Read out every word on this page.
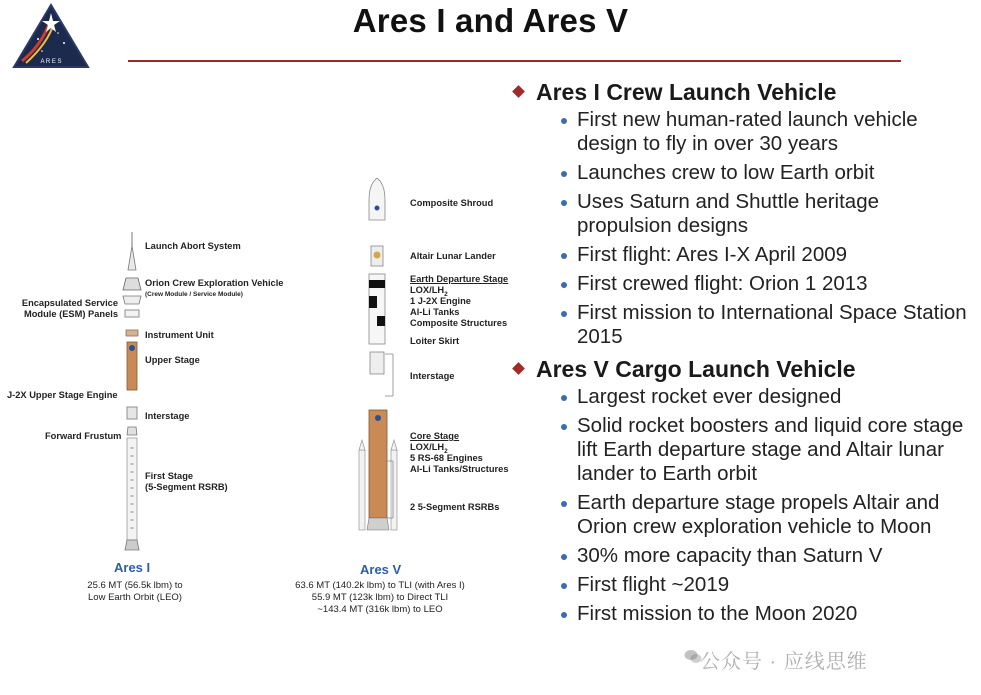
A R E S
Ares I and Ares V
Launch Abort System
Orion Crew Exploration Vehicle
(Crew Module / Service Module)
Encapsulated Service
Module (ESM) Panels
Instrument Unit
Upper Stage
J-2X Upper Stage Engine
Interstage
Forward Frustum
First Stage
(5-Segment RSRB)
Ares I
25.6 MT (56.5k lbm) to
Low Earth Orbit (LEO)
Composite Shroud
Altair Lunar Lander
Earth Departure Stage
LOX/$LH_2$
1 J-2X Engine
Al-Li Tanks
Composite Structures
Loiter Skirt
Interstage
Core Stage
LOX/$LH_2$
5 RS-68 Engines
Al-Li Tanks/Structures
2 5-Segment RSRBs
Ares V
63.6 MT (140.2k lbm) to TLI (with Ares I)
55.9 MT (123k lbm) to Direct TLI
~143.4 MT (316k lbm) to LEO
Ares I Crew Launch Vehicle
First new human-rated launch vehicle design to fly in over 30 years
Launches crew to low Earth orbit
Uses Saturn and Shuttle heritage propulsion designs
First flight: Ares I-X April 2009
First crewed flight: Orion 1 2013
First mission to International Space Station 2015
Ares V Cargo Launch Vehicle
Largest rocket ever designed
Solid rocket boosters and liquid core stage lift Earth departure stage and Altair lunar lander to Earth orbit
Earth departure stage propels Altair and Orion crew exploration vehicle to Moon
30% more capacity than Saturn V
First flight ~2019
First mission to the Moon 2020
公众号 · 应线思维
